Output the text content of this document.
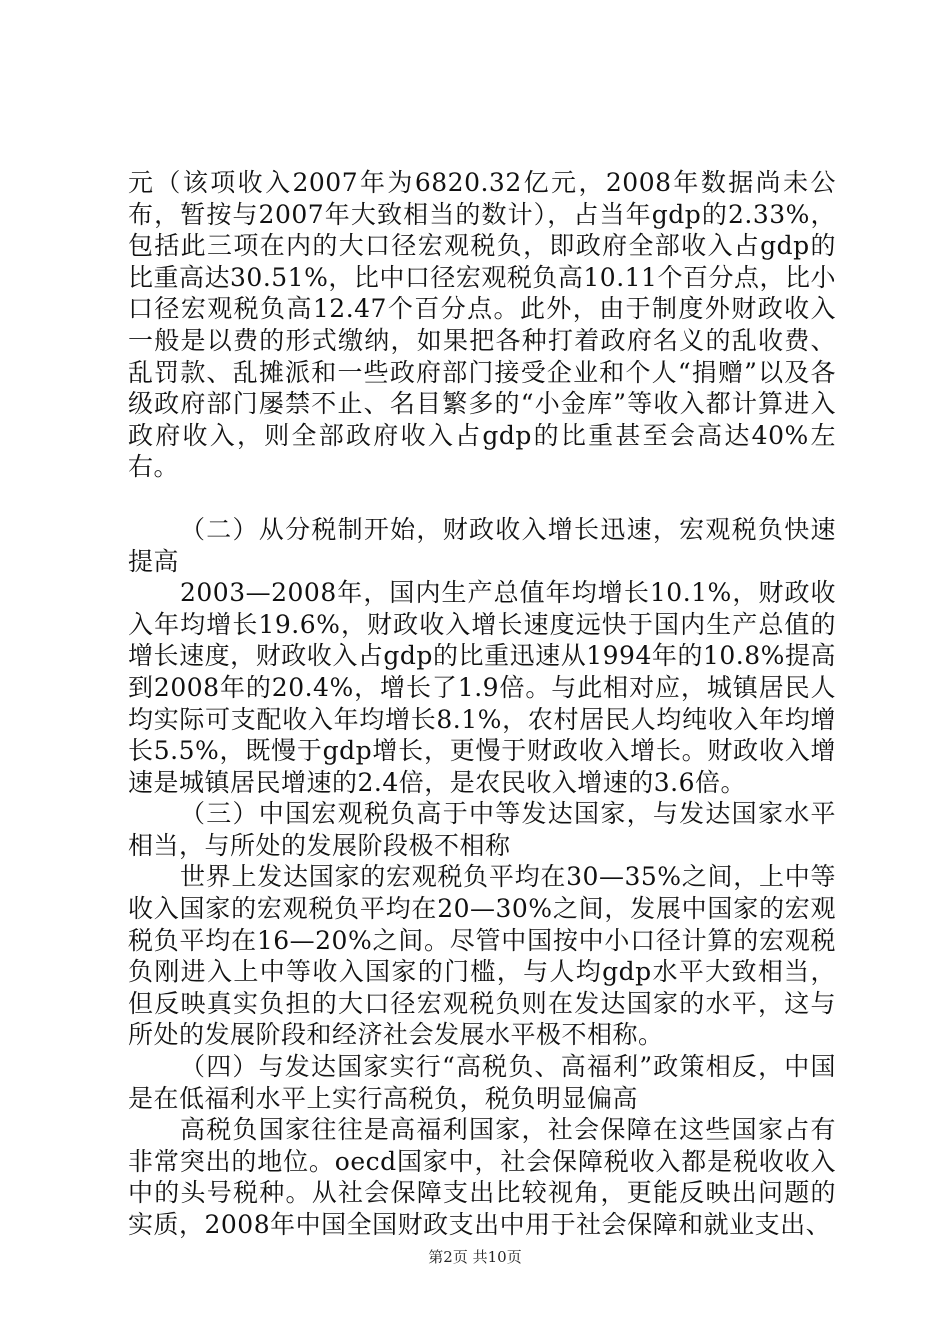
元（该项收入2007年为6820.32亿元，2008年数据尚未公布，暂按与2007年大致相当的数计），占当年gdp的2.33%，包括此三项在内的大口径宏观税负，即政府全部收入占gdp的比重高达30.51%，比中口径宏观税负高10.11个百分点，比小口径宏观税负高12.47个百分点。此外，由于制度外财政收入一般是以费的形式缴纳，如果把各种打着政府名义的乱收费、乱罚款、乱摊派和一些政府部门接受企业和个人“捐赠”以及各级政府部门屡禁不止、名目繁多的“小金库”等收入都计算进入政府收入，则全部政府收入占gdp的比重甚至会高达40%左右。

（二）从分税制开始，财政收入增长迅速，宏观税负快速提高

2003—2008年，国内生产总值年均增长10.1%，财政收入年均增长19.6%，财政收入增长速度远快于国内生产总值的增长速度，财政收入占gdp的比重迅速从1994年的10.8%提高到2008年的20.4%，增长了1.9倍。与此相对应，城镇居民人均实际可支配收入年均增长8.1%，农村居民人均纯收入年均增长5.5%，既慢于gdp增长，更慢于财政收入增长。财政收入增速是城镇居民增速的2.4倍，是农民收入增速的3.6倍。

（三）中国宏观税负高于中等发达国家，与发达国家水平相当，与所处的发展阶段极不相称

世界上发达国家的宏观税负平均在30—35%之间，上中等收入国家的宏观税负平均在20—30%之间，发展中国家的宏观税负平均在16—20%之间。尽管中国按中小口径计算的宏观税负刚进入上中等收入国家的门槛，与人均gdp水平大致相当，但反映真实负担的大口径宏观税负则在发达国家的水平，这与所处的发展阶段和经济社会发展水平极不相称。

（四）与发达国家实行“高税负、高福利”政策相反，中国是在低福利水平上实行高税负，税负明显偏高

高税负国家往往是高福利国家，社会保障在这些国家占有非常突出的地位。oecd国家中，社会保障税收入都是税收收入中的头号税种。从社会保障支出比较视角，更能反映出问题的实质，2008年中国全国财政支出中用于社会保障和就业支出、

第2页 共10页
